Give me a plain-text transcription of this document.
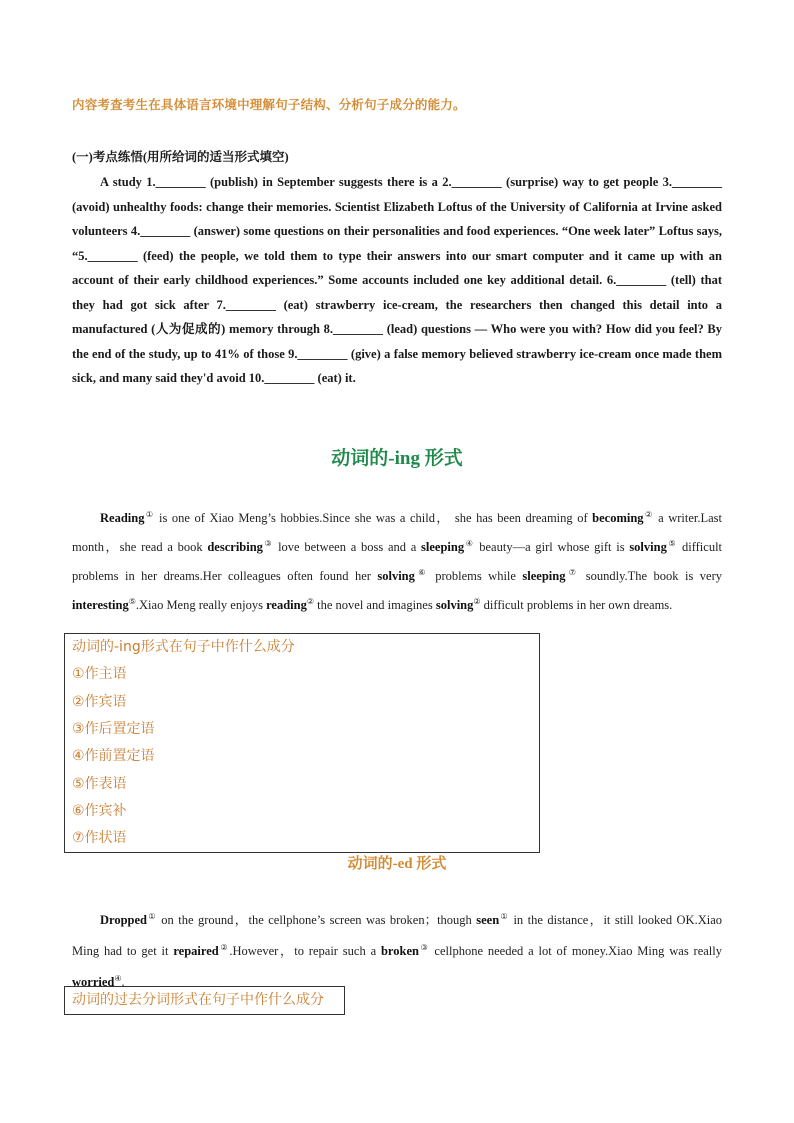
内容考查考生在具体语言环境中理解句子结构、分析句子成分的能力。
(一)考点练悟(用所给词的适当形式填空)

A study 1.________ (publish) in September suggests there is a 2.________ (surprise) way to get people 3.________ (avoid) unhealthy foods: change their memories. Scientist Elizabeth Loftus of the University of California at Irvine asked volunteers 4.________ (answer) some questions on their personalities and food experiences. “One week later” Loftus says, “5.________ (feed) the people, we told them to type their answers into our smart computer and it came up with an account of their early childhood experiences.” Some accounts included one key additional detail. 6.________ (tell) that they had got sick after 7.________ (eat) strawberry ice-cream, the researchers then changed this detail into a manufactured (人为促成的) memory through 8.________ (lead) questions — Who were you with? How did you feel? By the end of the study, up to 41% of those 9.________ (give) a false memory believed strawberry ice-cream once made them sick, and many said they'd avoid 10.________ (eat) it.

动词的-ing 形式

Reading① is one of Xiao Meng’s hobbies.Since she was a child， she has been dreaming of becoming② a writer.Last month，she read a book describing③ love between a boss and a sleeping④ beauty—a girl whose gift is solving⑤ difficult problems in her dreams.Her colleagues often found her solving⑥ problems while sleeping⑦ soundly.The book is very interesting⑤.Xiao Meng really enjoys reading② the novel and imagines solving② difficult problems in her own dreams.

动词的-ing形式在句子中作什么成分
①作主语
②作宾语
③作后置定语
④作前置定语
⑤作表语
⑥作宾补
⑦作状语
动词的-ed 形式

Dropped① on the ground，the cellphone’s screen was broken；though seen① in the distance，it still looked OK.Xiao Ming had to get it repaired②.However，to repair such a broken③ cellphone needed a lot of money.Xiao Ming was really worried④.

动词的过去分词形式在句子中作什么成分
